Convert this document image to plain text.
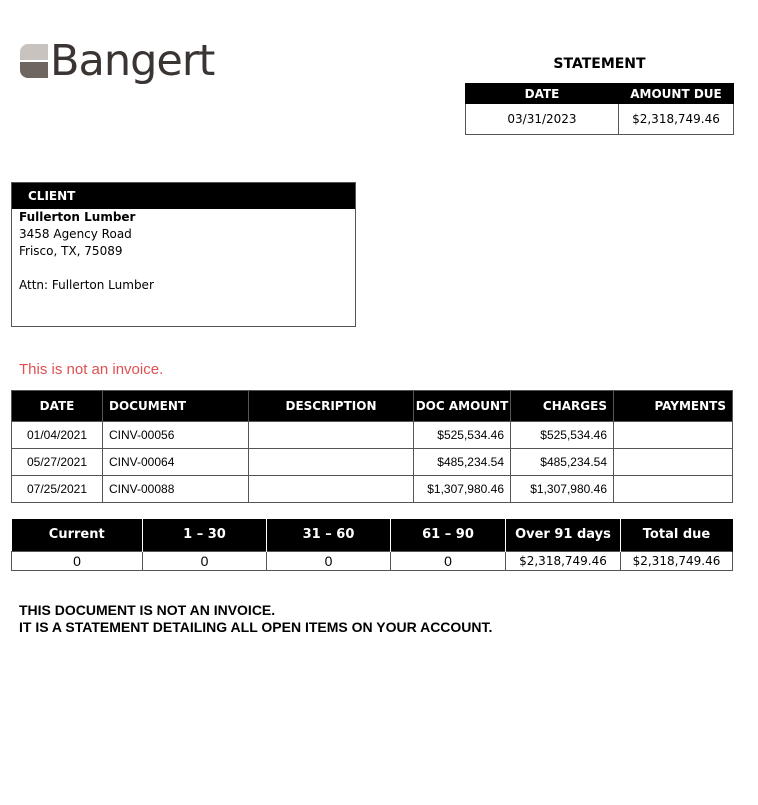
Bangert	STATEMENT
DATE	AMOUNT DUE
03/31/2023	$2,318,749.46
CLIENT
Fullerton Lumber
3458 Agency Road
Frisco, TX, 75089
Attn: Fullerton Lumber
This is not an invoice.
DATE	DOCUMENT	DESCRIPTION	DOC AMOUNT	CHARGES	PAYMENTS
01/04/2021	CINV-00056		$525,534.46	$525,534.46	
05/27/2021	CINV-00064		$485,234.54	$485,234.54	
07/25/2021	CINV-00088		$1,307,980.46	$1,307,980.46	
Current	1 – 30	31 – 60	61 – 90	Over 91 days	Total due
0	0	0	0	$2,318,749.46	$2,318,749.46
THIS DOCUMENT IS NOT AN INVOICE.
IT IS A STATEMENT DETAILING ALL OPEN ITEMS ON YOUR ACCOUNT.
